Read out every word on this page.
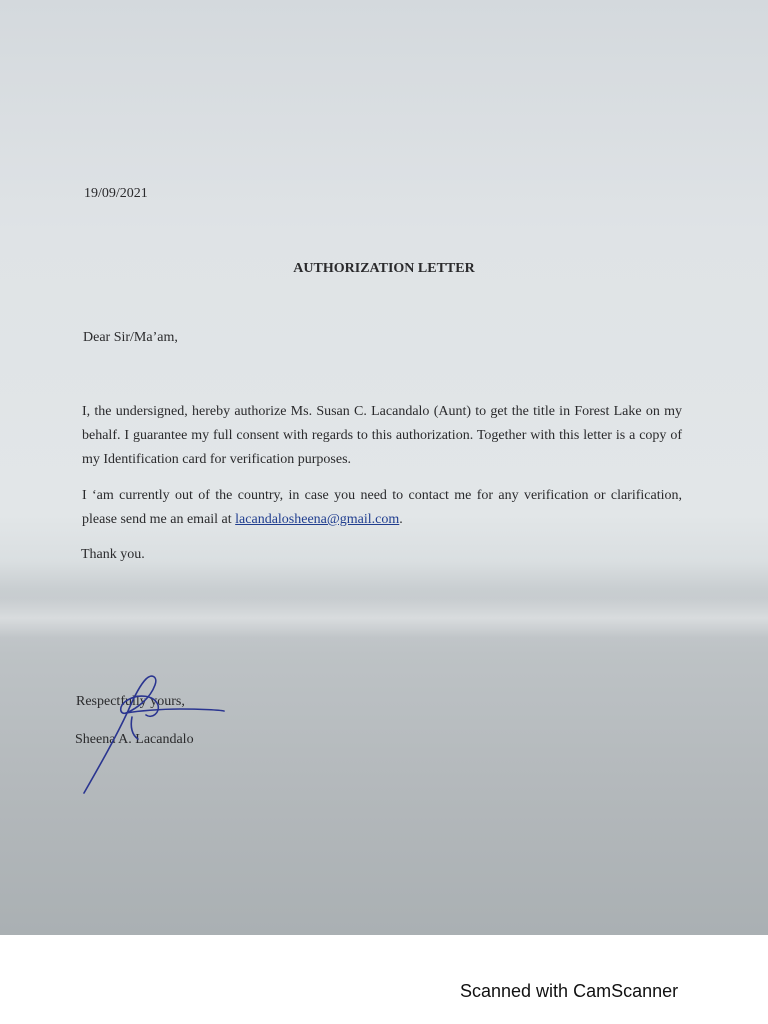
19/09/2021
AUTHORIZATION LETTER
Dear Sir/Ma’am,
I, the undersigned, hereby authorize Ms. Susan C. Lacandalo (Aunt) to get the title in Forest Lake on my behalf. I guarantee my full consent with regards to this authorization. Together with this letter is a copy of my Identification card for verification purposes.
I ‘am currently out of the country, in case you need to contact me for any verification or clarification, please send me an email at lacandalosheena@gmail.com.
Thank you.
Respectfully yours,
Sheena A. Lacandalo
Scanned with CamScanner
